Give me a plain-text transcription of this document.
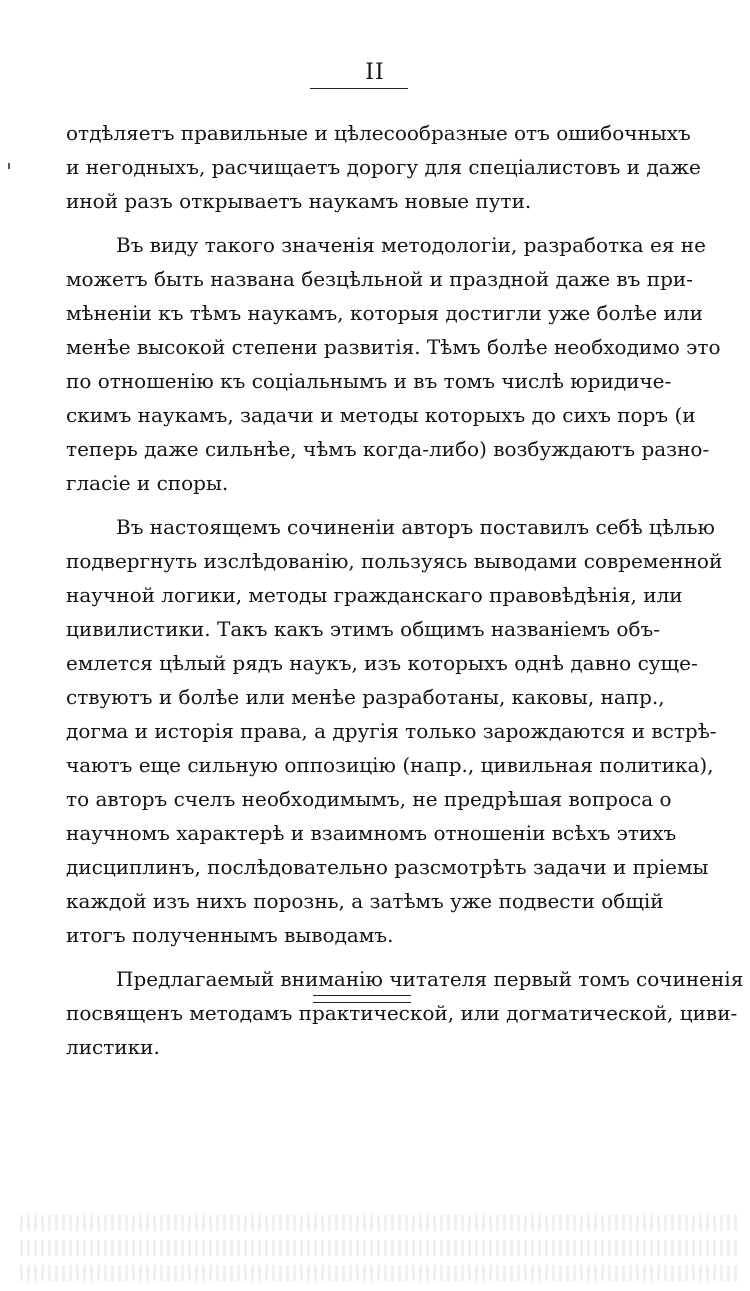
II
отдѣляетъ правильные и цѣлесообразные отъ ошибочныхъ
и негодныхъ, расчищаетъ дорогу для спеціалистовъ и даже
иной разъ открываетъ наукамъ новые пути.
Въ виду такого значенія методологіи, разработка ея не
можетъ быть названа безцѣльной и праздной даже въ при-
мѣненіи къ тѣмъ наукамъ, которыя достигли уже болѣе или
менѣе высокой степени развитія. Тѣмъ болѣе необходимо это
по отношенію къ соціальнымъ и въ томъ числѣ юридиче-
скимъ наукамъ, задачи и методы которыхъ до сихъ поръ (и
теперь даже сильнѣе, чѣмъ когда-либо) возбуждаютъ разно-
гласіе и споры.
Въ настоящемъ сочиненіи авторъ поставилъ себѣ цѣлью
подвергнуть изслѣдованію, пользуясь выводами современной
научной логики, методы гражданскаго правовѣдѣнія, или
цивилистики. Такъ какъ этимъ общимъ названіемъ объ-
емлется цѣлый рядъ наукъ, изъ которыхъ однѣ давно суще-
ствуютъ и болѣе или менѣе разработаны, каковы, напр.,
догма и исторія права, а другія только зарождаются и встрѣ-
чаютъ еще сильную оппозицію (напр., цивильная политика),
то авторъ счелъ необходимымъ, не предрѣшая вопроса о
научномъ характерѣ и взаимномъ отношеніи всѣхъ этихъ
дисциплинъ, послѣдовательно разсмотрѣть задачи и пріемы
каждой изъ нихъ порознь, а затѣмъ уже подвести общій
итогъ полученнымъ выводамъ.
Предлагаемый вниманію читателя первый томъ сочиненія
посвященъ методамъ практической, или догматической, циви-
листики.
